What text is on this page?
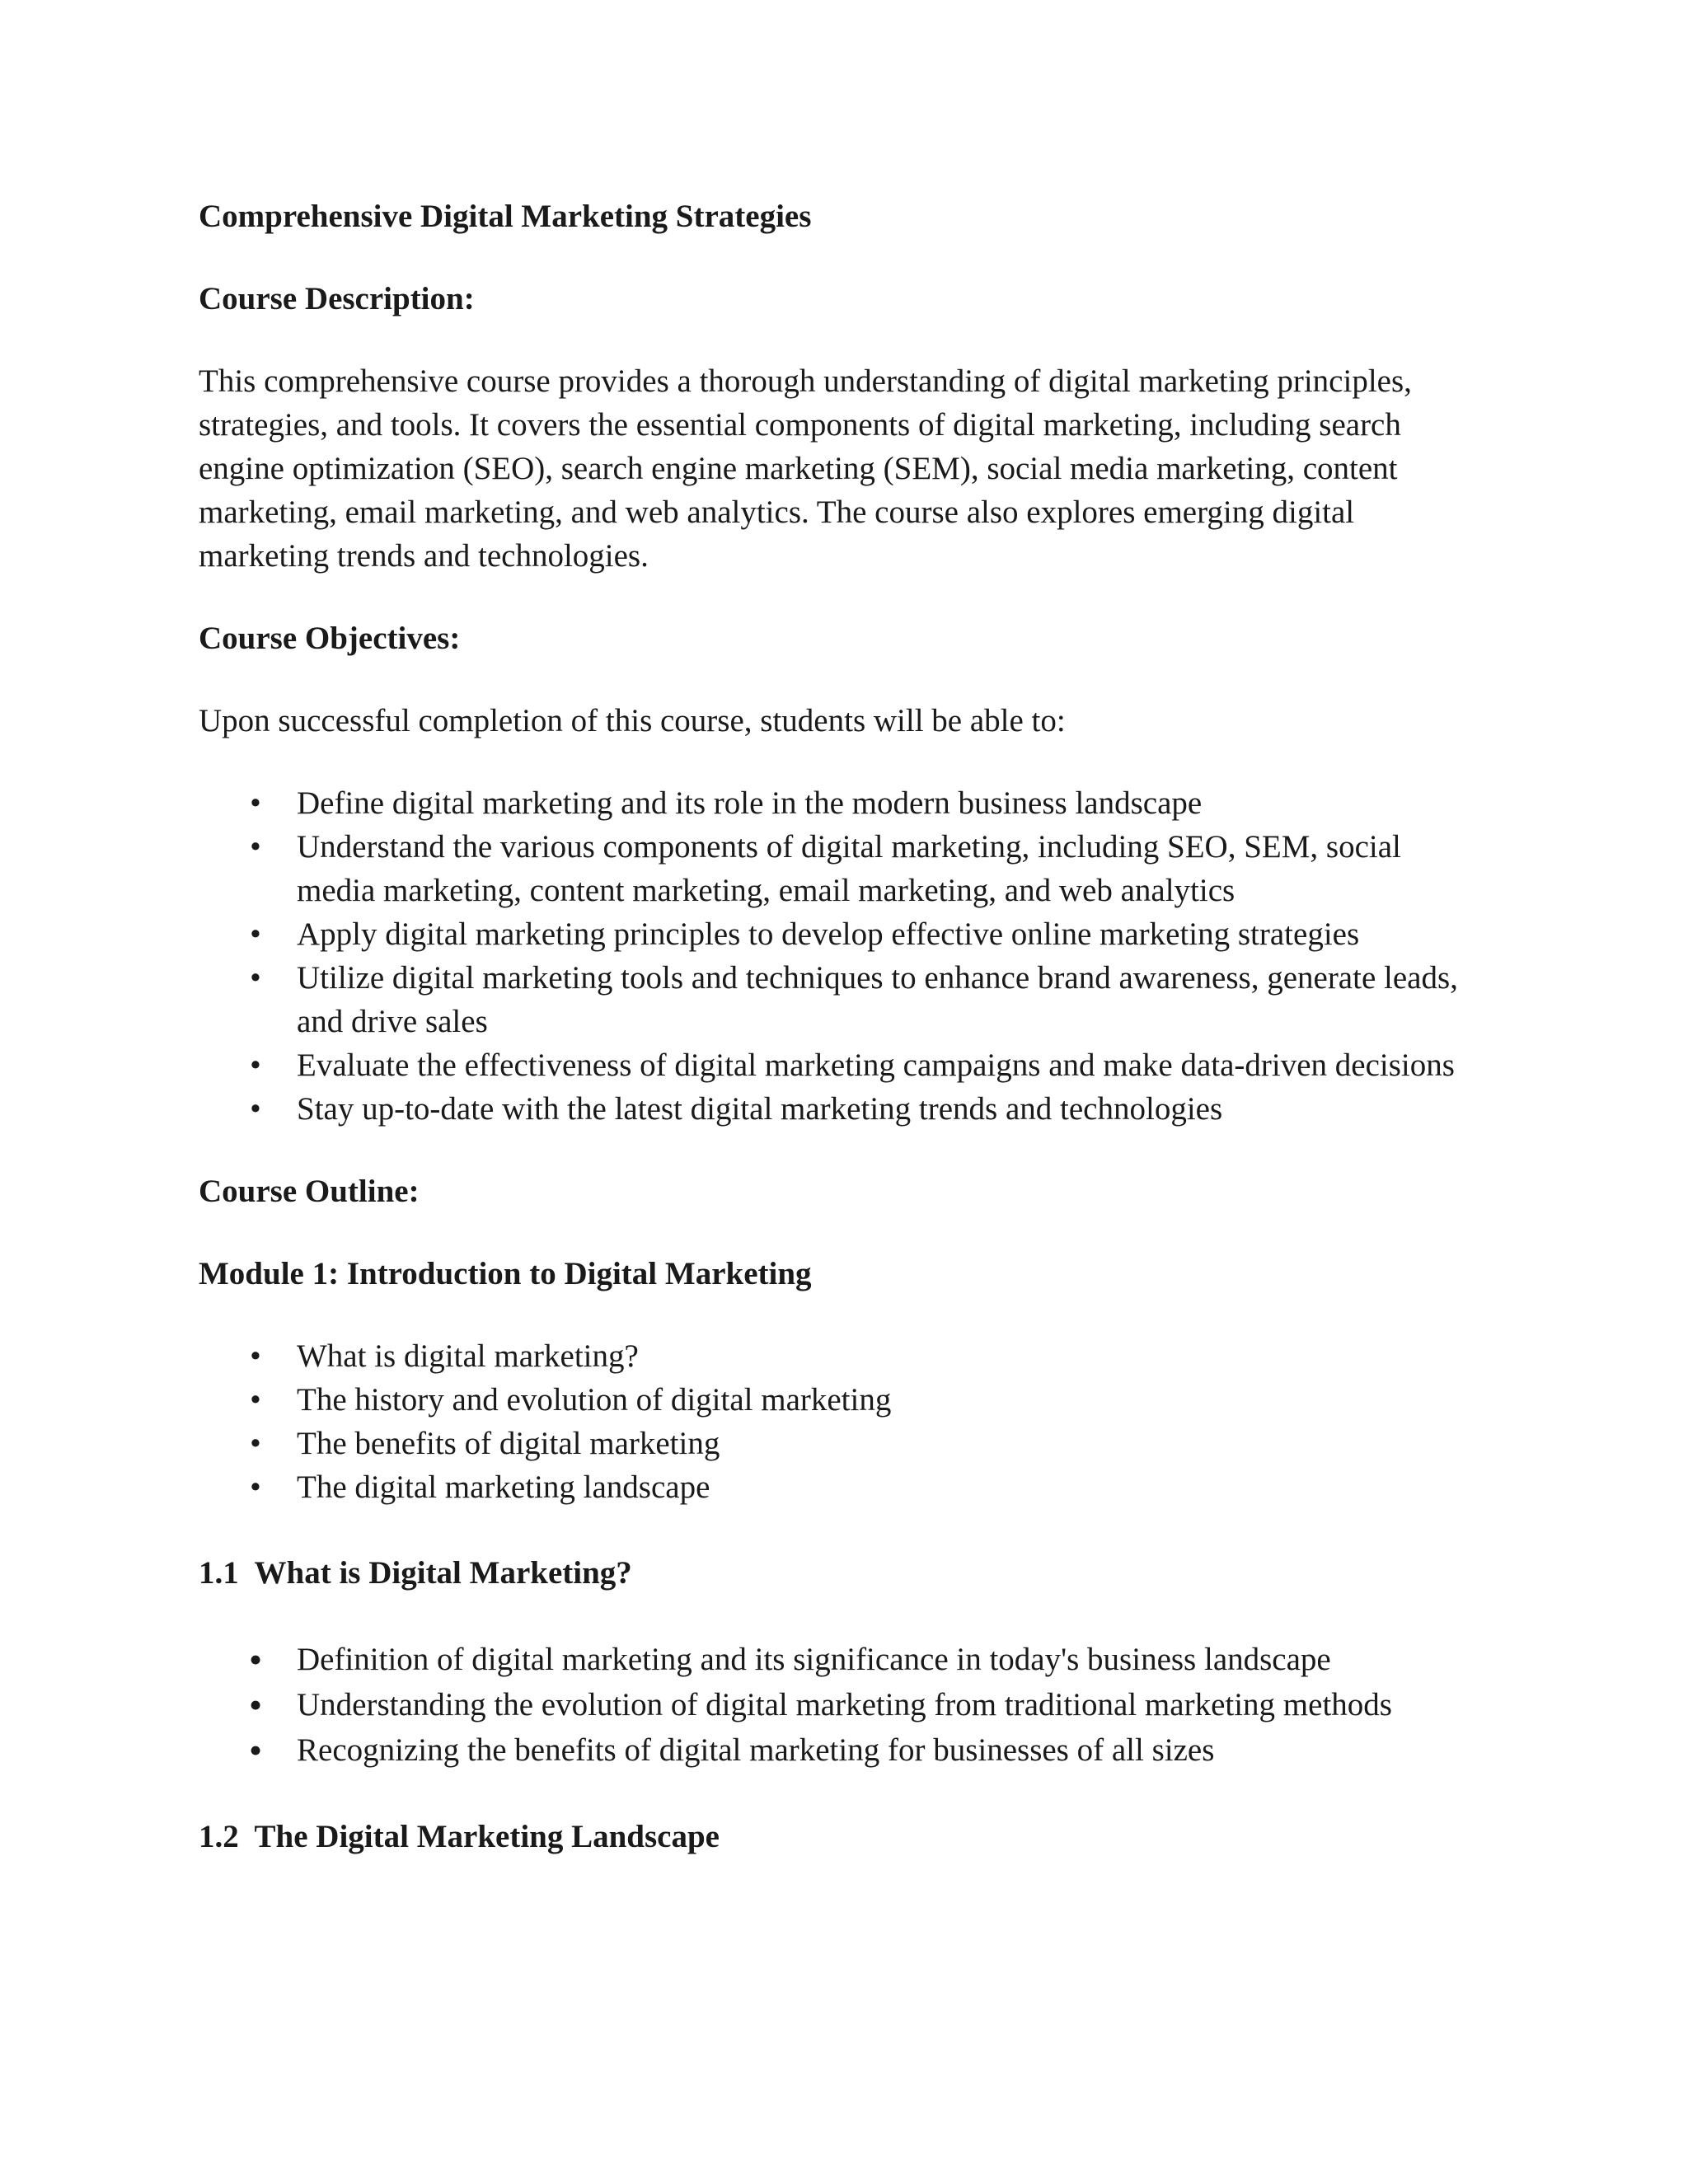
Comprehensive Digital Marketing Strategies

Course Description:

This comprehensive course provides a thorough understanding of digital marketing principles, strategies, and tools. It covers the essential components of digital marketing, including search engine optimization (SEO), search engine marketing (SEM), social media marketing, content marketing, email marketing, and web analytics. The course also explores emerging digital marketing trends and technologies.

Course Objectives:

Upon successful completion of this course, students will be able to:

• Define digital marketing and its role in the modern business landscape
• Understand the various components of digital marketing, including SEO, SEM, social media marketing, content marketing, email marketing, and web analytics
• Apply digital marketing principles to develop effective online marketing strategies
• Utilize digital marketing tools and techniques to enhance brand awareness, generate leads, and drive sales
• Evaluate the effectiveness of digital marketing campaigns and make data-driven decisions
• Stay up-to-date with the latest digital marketing trends and technologies

Course Outline:

Module 1: Introduction to Digital Marketing

• What is digital marketing?
• The history and evolution of digital marketing
• The benefits of digital marketing
• The digital marketing landscape

1.1  What is Digital Marketing?

• Definition of digital marketing and its significance in today's business landscape
• Understanding the evolution of digital marketing from traditional marketing methods
• Recognizing the benefits of digital marketing for businesses of all sizes

1.2  The Digital Marketing Landscape
